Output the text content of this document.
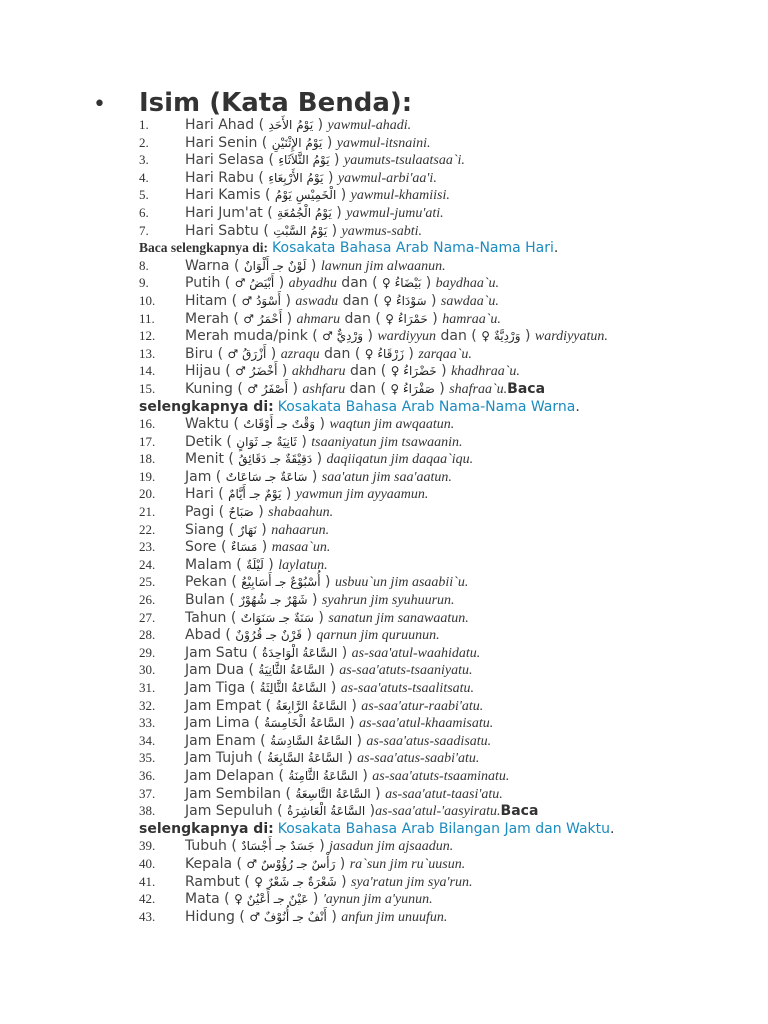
• Isim (Kata Benda):
1.	Hari Ahad ( يَوْمُ الأَحَدِ ) yawmul-ahadi.
2.	Hari Senin ( يَوْمُ الإِثْنَيْنِ ) yawmul-itsnaini.
3.	Hari Selasa ( يَوْمُ الثَّلاَثَاءِ ) yaumuts-tsulaatsaa`i.
4.	Hari Rabu ( يَوْمُ الأَرْبِعَاءِ ) yawmul-arbi'aa'i.
5.	Hari Kamis ( الْخَمِيْسِ يَوْمُ ) yawmul-khamiisi.
6.	Hari Jum'at ( يَوْمُ الْجُمُعَةِ ) yawmul-jumu'ati.
7.	Hari Sabtu ( يَوْمُ السَّبْتِ ) yawmus-sabti.
Baca selengkapnya di: Kosakata Bahasa Arab Nama-Nama Hari.
8.	Warna ( لَوْنٌ جـ أَلْوَانٌ ) lawnun jim alwaanun.
9.	Putih ( ♂ أَبْيَضُ ) abyadhu dan ( ♀ بَيْضَاءُ ) baydhaa`u.
10. Hitam ( ♂ أَسْوَدُ ) aswadu dan ( ♀ سَوْدَاءُ ) sawdaa`u.
11. Merah ( ♂ أَحْمَرُ ) ahmaru dan ( ♀ حَمْرَاءُ ) hamraa`u.
12. Merah muda/pink ( ♂ وَرْدِيٌّ ) wardiyyun dan ( ♀ وَرْدِيَّةٌ ) wardiyyatun.
13. Biru ( ♂ أَزْرَقُ ) azraqu dan ( ♀ زَرْقَاءُ ) zarqaa`u.
14. Hijau ( ♂ أَخْضَرُ ) akhdharu dan ( ♀ خَضْرَاءُ ) khadhraa`u.
15. Kuning ( ♂ أَصْفَرُ ) ashfaru dan ( ♀ صَفْرَاءُ ) shafraa`u.Baca
selengkapnya di: Kosakata Bahasa Arab Nama-Nama Warna.
16. Waktu ( وَقْتٌ جـ أَوْقَاتٌ ) waqtun jim awqaatun.
17. Detik ( ثَانِيَةٌ جـ ثَوَانٍ ) tsaaniyatun jim tsawaanin.
18. Menit ( دَقِيْقَةٌ جـ دَقَائِقُ ) daqiiqatun jim daqaa`iqu.
19. Jam ( سَاعَةٌ جـ سَاعَاتٌ ) saa'atun jim saa'aatun.
20. Hari ( يَوْمٌ جـ أَيَّامٌ ) yawmun jim ayyaamun.
21. Pagi ( صَبَاحٌ ) shabaahun.
22. Siang ( نَهَارٌ ) nahaarun.
23. Sore ( مَسَاءٌ ) masaa`un.
24. Malam ( لَيْلَةٌ ) laylatun.
25. Pekan ( أُسْبُوْعٌ جـ أَسَابِيْعُ ) usbuu`un jim asaabii`u.
26. Bulan ( شَهْرٌ جـ شُهُوْرٌ ) syahrun jim syuhuurun.
27. Tahun ( سَنَةٌ جـ سَنَوَاتٌ ) sanatun jim sanawaatun.
28. Abad ( قَرْنٌ جـ قُرُوْنٌ ) qarnun jim quruunun.
29. Jam Satu ( السَّاعَةُ الْوَاحِدَةُ ) as-saa'atul-waahidatu.
30. Jam Dua ( السَّاعَةُ الثَّانِيَةُ ) as-saa'atuts-tsaaniyatu.
31. Jam Tiga ( السَّاعَةُ الثَّالِثَةُ ) as-saa'atuts-tsaalitsatu.
32. Jam Empat ( السَّاعَةُ الرَّابِعَةُ ) as-saa'atur-raabi'atu.
33. Jam Lima ( السَّاعَةُ الْخَامِسَةُ ) as-saa'atul-khaamisatu.
34. Jam Enam ( السَّاعَةُ السَّادِسَةُ ) as-saa'atus-saadisatu.
35. Jam Tujuh ( السَّاعَةُ السَّابِعَةُ ) as-saa'atus-saabi'atu.
36. Jam Delapan ( السَّاعَةُ الثَّامِنَةُ ) as-saa'atuts-tsaaminatu.
37. Jam Sembilan ( السَّاعَةُ التَّاسِعَةُ ) as-saa'atut-taasi'atu.
38. Jam Sepuluh ( السَّاعَةُ الْعَاشِرَةُ )as-saa'atul-'aasyiratu.Baca
selengkapnya di: Kosakata Bahasa Arab Bilangan Jam dan Waktu.
39. Tubuh ( جَسَدٌ جـ أَجْسَادٌ ) jasadun jim ajsaadun.
40. Kepala ( ♂ رَأْسٌ جـ رُؤُوْسٌ ) ra`sun jim ru`uusun.
41. Rambut ( ♀ شَعْرَةٌ جـ شَعْرٌ ) sya'ratun jim sya'run.
42. Mata ( ♀ عَيْنٌ جـ أَعْيُنٌ ) 'aynun jim a'yunun.
43. Hidung ( ♂ أَنْفٌ جـ أُنُوْفٌ ) anfun jim unuufun.
